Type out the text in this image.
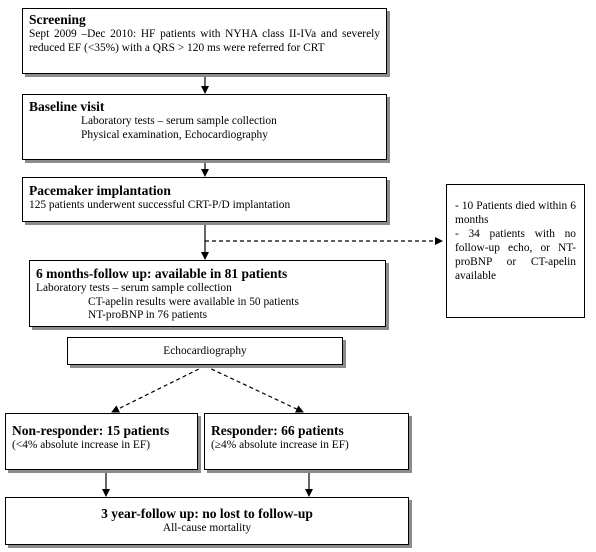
Screening
Sept 2009 –Dec 2010: HF patients with NYHA class II-IVa and severely reduced EF (<35%) with a QRS > 120 ms were referred for CRT
Baseline visit
Laboratory tests – serum sample collection
Physical examination, Echocardiography
Pacemaker implantation
125 patients underwent successful CRT-P/D implantation	- 10 Patients died within 6 months
- 34 patients with no follow-up echo, or NT-proBNP or CT-apelin available
6 months-follow up: available in 81 patients
Laboratory tests – serum sample collection
CT-apelin results were available in 50 patients
NT-proBNP in 76 patients
Echocardiography
Non-responder: 15 patients
(<4% absolute increase in EF)
Responder: 66 patients
(≥4% absolute increase in EF)
3 year-follow up: no lost to follow-up
All-cause mortality
